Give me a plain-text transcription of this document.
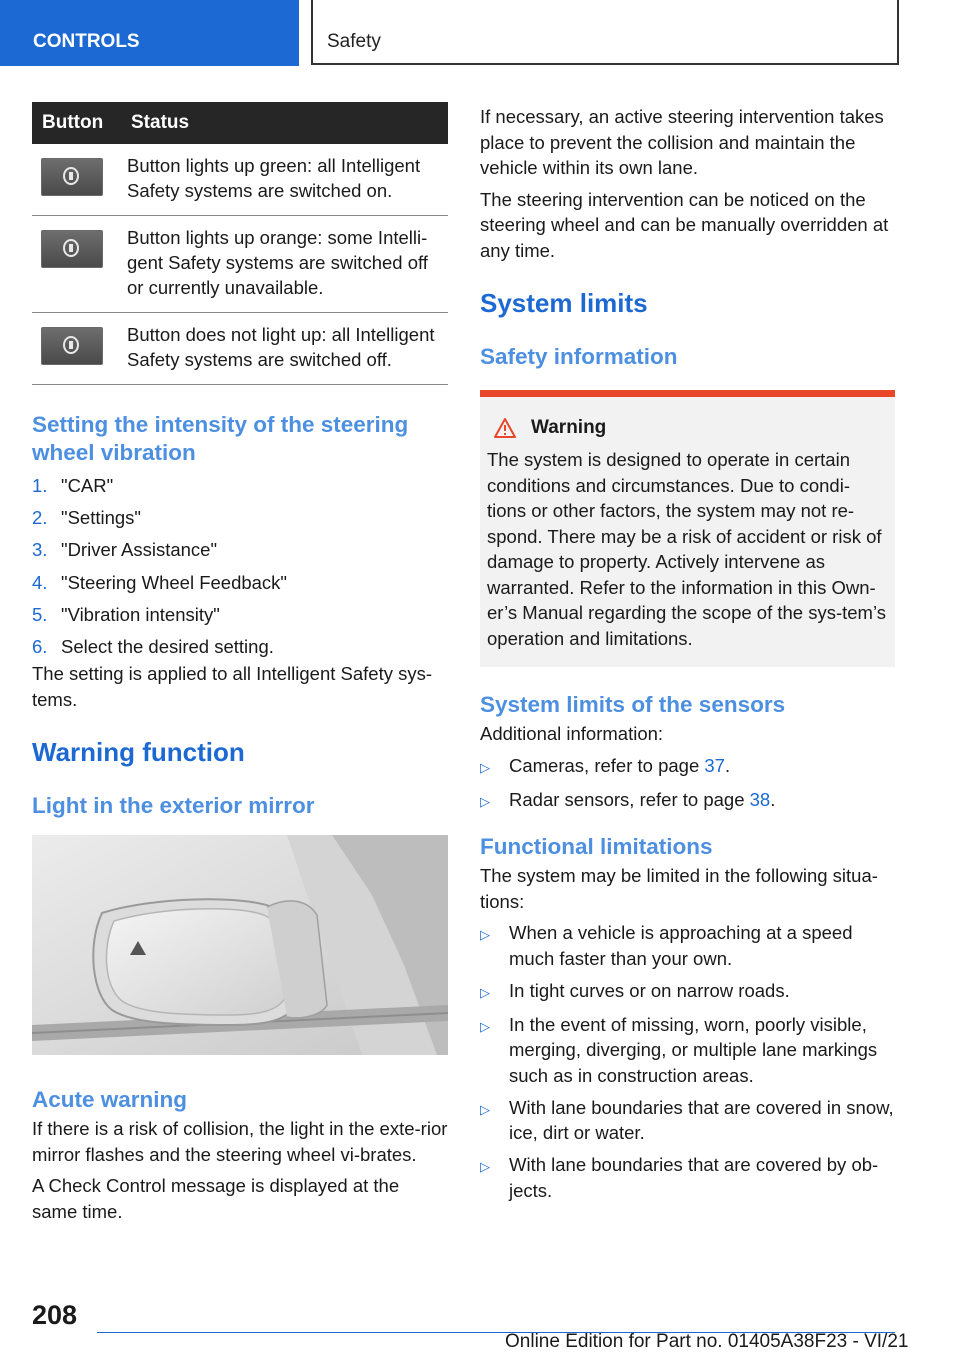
CONTROLS	Safety
Button	Status

	Button lights up green: all Intelligent Safety systems are switched on.

	Button lights up orange: some Intelli-gent Safety systems are switched off or currently unavailable.

	Button does not light up: all Intelligent Safety systems are switched off.
Setting the intensity of the steering wheel vibration
1. "CAR"
2. "Settings"
3. "Driver Assistance"
4. "Steering Wheel Feedback"
5. "Vibration intensity"
6. Select the desired setting.

The setting is applied to all Intelligent Safety sys-tems.

Warning function
Light in the exterior mirror
Acute warning

If there is a risk of collision, the light in the exte-rior mirror flashes and the steering wheel vi-brates.

A Check Control message is displayed at the same time.

If necessary, an active steering intervention takes place to prevent the collision and maintain the vehicle within its own lane.

The steering intervention can be noticed on the steering wheel and can be manually overridden at any time.

System limits
Safety information
Warning

The system is designed to operate in certain conditions and circumstances. Due to condi-tions or other factors, the system may not re-spond. There may be a risk of accident or risk of damage to property. Actively intervene as warranted. Refer to the information in this Own-er’s Manual regarding the scope of the sys-tem’s operation and limitations.

System limits of the sensors

Additional information:

▷	Cameras, refer to page 37.
▷	Radar sensors, refer to page 38.
Functional limitations

The system may be limited in the following situa-tions:

▷	When a vehicle is approaching at a speed much faster than your own.
▷	In tight curves or on narrow roads.
▷	In the event of missing, worn, poorly visible, merging, diverging, or multiple lane markings such as in construction areas.
▷	With lane boundaries that are covered in snow, ice, dirt or water.
▷	With lane boundaries that are covered by ob-jects.
208
Online Edition for Part no. 01405A38F23 - VI/21
